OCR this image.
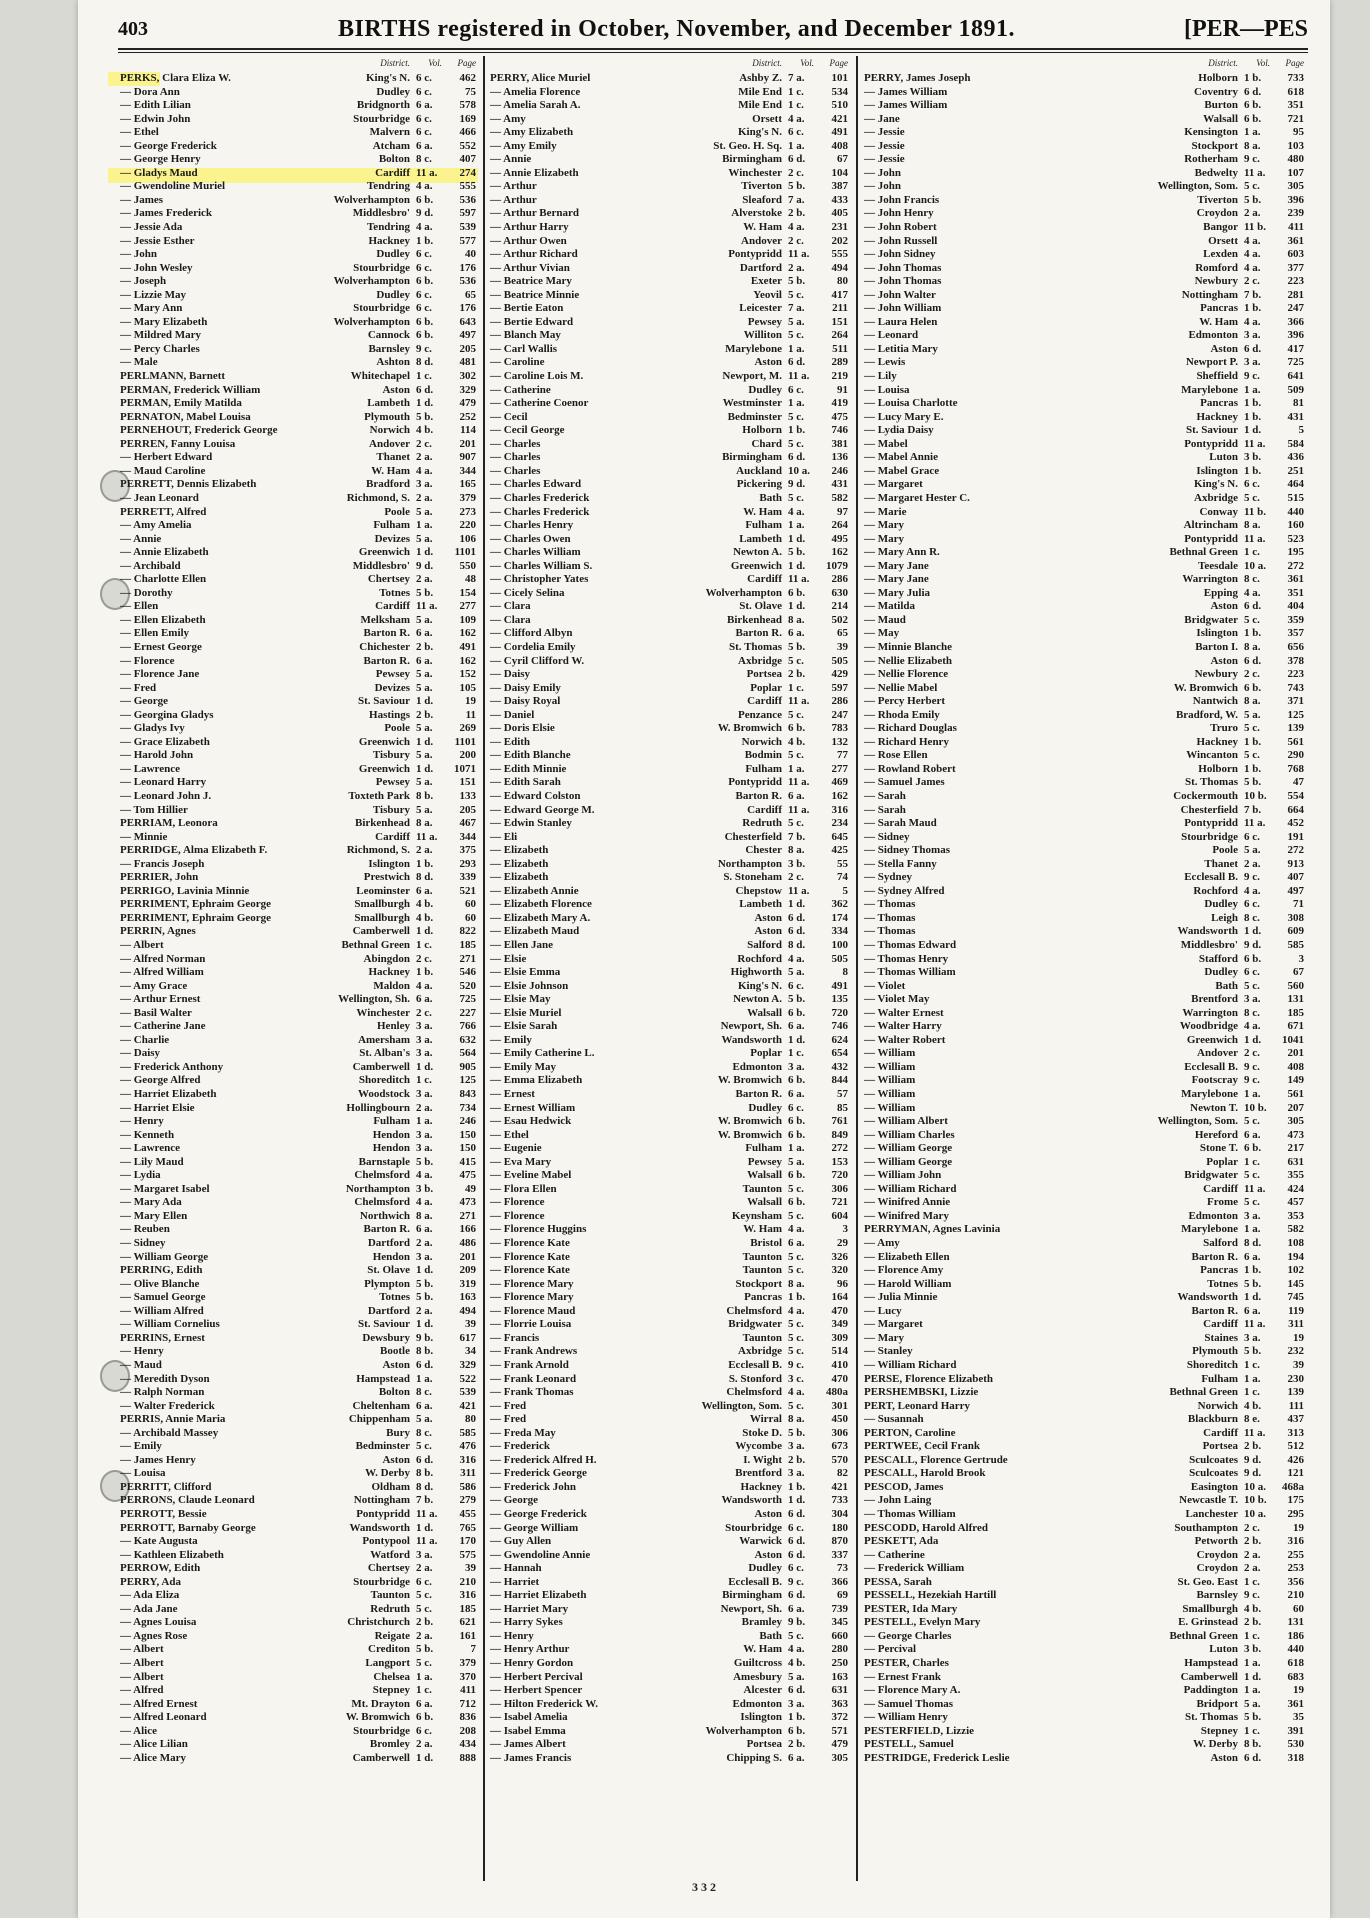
403	BIRTHS registered in October, November, and December 1891.	[PER—PES
District. Vol. Page
PERKS, Clara Eliza W.	King's N. 6 c.	462
— Dora Ann	Dudley 6 c.	75
— Edith Lilian	Bridgnorth 6 a. 578
— Edwin John	Stourbridge 6 c.	169
— Ethel	Malvern 6 c.	466
— George Frederick	Atcham 6 a. 552
— George Henry	Bolton 8 c.	407
— Gladys Maud	Cardiff 11 a. 274
— Gwendoline Muriel	Tendring 4 a. 555
— James	Wolverhampton 6 b. 536
— James Frederick	Middlesbro' 9 d. 597
— Jessie Ada	Tendring 4 a. 539
— Jessie Esther	Hackney 1 b. 577
— John	Dudley 6 c.	40
— John Wesley	Stourbridge 6 c.	176
— Joseph	Wolverhampton 6 b. 536
— Lizzie May	Dudley 6 c.	65
— Mary Ann	Stourbridge 6 c.	176
— Mary Elizabeth	Wolverhampton 6 b. 643
— Mildred Mary	Cannock 6 b. 497
— Percy Charles	Barnsley 9 c.	205
— Male	Ashton 8 d. 481
PERLMANN, Barnett	Whitechapel 1 c.	302
PERMAN, Frederick William	Aston 6 d. 329
PERMAN, Emily Matilda	Lambeth 1 d. 479
PERNATON, Mabel Louisa	Plymouth 5 b. 252
PERNEHOUT, Frederick George	Norwich 4 b. 114
PERREN, Fanny Louisa	Andover 2 c.	201
— Herbert Edward	Thanet 2 a. 907
— Maud Caroline	W. Ham 4 a. 344
PERRETT, Dennis Elizabeth	Bradford 3 a. 165
— Jean Leonard	Richmond, S. 2 a. 379
PERRETT, Alfred	Poole 5 a. 273
— Amy Amelia	Fulham 1 a. 220
— Annie	Devizes 5 a. 106
— Annie Elizabeth	Greenwich 1 d. 1101
— Archibald	Middlesbro' 9 d. 550
— Charlotte Ellen	Chertsey 2 a.	48
— Dorothy	Totnes 5 b. 154
— Ellen	Cardiff 11 a. 277
— Ellen Elizabeth	Melksham 5 a. 109
— Ellen Emily	Barton R. 6 a. 162
— Ernest George	Chichester 2 b. 491
— Florence	Barton R. 6 a. 162
— Florence Jane	Pewsey 5 a. 152
— Fred	Devizes 5 a. 105
— George	St. Saviour 1 d.	19
— Georgina Gladys	Hastings 2 b.	11
— Gladys Ivy	Poole 5 a. 269
— Grace Elizabeth	Greenwich 1 d. 1101
— Harold John	Tisbury 5 a. 200
— Lawrence	Greenwich 1 d. 1071
— Leonard Harry	Pewsey 5 a. 151
— Leonard John J.	Toxteth Park 8 b. 133
— Tom Hillier	Tisbury 5 a. 205
PERRIAM, Leonora	Birkenhead 8 a. 467
— Minnie	Cardiff 11 a. 344
PERRIDGE, Alma Elizabeth F.	Richmond, S. 2 a. 375
— Francis Joseph	Islington 1 b. 293
PERRIER, John	Prestwich 8 d. 339
PERRIGO, Lavinia Minnie	Leominster 6 a. 521
PERRIMENT, Ephraim George	Smallburgh 4 b.	60
PERRIMENT, Ephraim George	Smallburgh 4 b.	60
PERRIN, Agnes	Camberwell 1 d. 822
— Albert	Bethnal Green 1 c.	185
— Alfred Norman	Abingdon 2 c.	271
— Alfred William	Hackney 1 b. 546
— Amy Grace	Maldon 4 a. 520
— Arthur Ernest	Wellington, Sh. 6 a. 725
— Basil Walter	Winchester 2 c.	227
— Catherine Jane	Henley 3 a. 766
— Charlie	Amersham 3 a. 632
— Daisy	St. Alban's 3 a. 564
— Frederick Anthony	Camberwell 1 d. 905
— George Alfred	Shoreditch 1 c.	125
— Harriet Elizabeth	Woodstock 3 a. 843
— Harriet Elsie	Hollingbourn 2 a. 734
— Henry	Fulham 1 a. 246
— Kenneth	Hendon 3 a. 150
— Lawrence	Hendon 3 a. 150
— Lily Maud	Barnstaple 5 b. 415
— Lydia	Chelmsford 4 a. 475
— Margaret Isabel	Northampton 3 b.	49
— Mary Ada	Chelmsford 4 a. 473
— Mary Ellen	Northwich 8 a. 271
— Reuben	Barton R. 6 a. 166
— Sidney	Dartford 2 a. 486
— William George	Hendon 3 a. 201
PERRING, Edith	St. Olave 1 d. 209
— Olive Blanche	Plympton 5 b. 319
— Samuel George	Totnes 5 b. 163
— William Alfred	Dartford 2 a. 494
— William Cornelius	St. Saviour 1 d.	39
PERRINS, Ernest	Dewsbury 9 b. 617
— Henry	Bootle 8 b.	34
— Maud	Aston 6 d. 329
— Meredith Dyson	Hampstead 1 a. 522
— Ralph Norman	Bolton 8 c.	539
— Walter Frederick	Cheltenham 6 a. 421
PERRIS, Annie Maria	Chippenham 5 a.	80
— Archibald Massey	Bury 8 c.	585
— Emily	Bedminster 5 c.	476
— James Henry	Aston 6 d. 316
— Louisa	W. Derby 8 b. 311
PERRITT, Clifford	Oldham 8 d. 586
PERRONS, Claude Leonard	Nottingham 7 b. 279
PERROTT, Bessie	Pontypridd 11 a. 455
PERROTT, Barnaby George	Wandsworth 1 d. 765
— Kate Augusta	Pontypool 11 a. 170
— Kathleen Elizabeth	Watford 3 a. 575
PERROW, Edith	Chertsey 2 a.	39
PERRY, Ada	Stourbridge 6 c.	210
— Ada Eliza	Taunton 5 c.	316
— Ada Jane	Redruth 5 c.	185
— Agnes Louisa	Christchurch 2 b. 621
— Agnes Rose	Reigate 2 a. 161
— Albert	Crediton 5 b.	7
— Albert	Langport 5 c.	379
— Albert	Chelsea 1 a. 370
— Alfred	Stepney 1 c.	411
— Alfred Ernest	Mt. Drayton 6 a. 712
— Alfred Leonard	W. Bromwich 6 b. 836
— Alice	Stourbridge 6 c.	208
— Alice Lilian	Bromley 2 a. 434
— Alice Mary	Camberwell 1 d. 888
District. Vol. Page
PERRY, Alice Muriel	Ashby Z. 7 a. 101
— Amelia Florence	Mile End 1 c.	534
— Amelia Sarah A.	Mile End 1 c.	510
— Amy	Orsett 4 a. 421
— Amy Elizabeth	King's N. 6 c.	491
— Amy Emily	St. Geo. H. Sq. 1 a. 408
— Annie	Birmingham 6 d.	67
— Annie Elizabeth	Winchester 2 c.	104
— Arthur	Tiverton 5 b. 387
— Arthur	Sleaford 7 a. 433
— Arthur Bernard	Alverstoke 2 b. 405
— Arthur Harry	W. Ham 4 a. 231
— Arthur Owen	Andover 2 c.	202
— Arthur Richard	Pontypridd 11 a. 555
— Arthur Vivian	Dartford 2 a. 494
— Beatrice Mary	Exeter 5 b.	80
— Beatrice Minnie	Yeovil 5 c.	417
— Bertie Eaton	Leicester 7 a.	211
— Bertie Edward	Pewsey 5 a. 151
— Blanch May	Williton 5 c.	264
— Carl Wallis	Marylebone 1 a.	511
— Caroline	Aston 6 d. 289
— Caroline Lois M.	Newport, M. 11 a. 219
— Catherine	Dudley 6 c.	91
— Catherine Coenor	Westminster 1 a. 419
— Cecil	Bedminster 5 c.	475
— Cecil George	Holborn 1 b. 746
— Charles	Chard 5 c.	381
— Charles	Birmingham 6 d. 136
— Charles	Auckland 10 a. 246
— Charles Edward	Pickering 9 d. 431
— Charles Frederick	Bath 5 c.	582
— Charles Frederick	W. Ham 4 a.	97
— Charles Henry	Fulham 1 a. 264
— Charles Owen	Lambeth 1 d. 495
— Charles William	Newton A. 5 b. 162
— Charles William S.	Greenwich 1 d. 1079
— Christopher Yates	Cardiff 11 a. 286
— Cicely Selina	Wolverhampton 6 b. 630
— Clara	St. Olave 1 d. 214
— Clara	Birkenhead 8 a. 502
— Clifford Albyn	Barton R. 6 a.	65
— Cordelia Emily	St. Thomas 5 b.	39
— Cyril Clifford W.	Axbridge 5 c.	505
— Daisy	Portsea 2 b. 429
— Daisy Emily	Poplar 1 c.	597
— Daisy Royal	Cardiff 11 a. 286
— Daniel	Penzance 5 c.	247
— Doris Elsie	W. Bromwich 6 b. 783
— Edith	Norwich 4 b. 132
— Edith Blanche	Bodmin 5 c.	77
— Edith Minnie	Fulham 1 a. 277
— Edith Sarah	Pontypridd 11 a. 469
— Edward Colston	Barton R. 6 a. 162
— Edward George M.	Cardiff 11 a. 316
— Edwin Stanley	Redruth 5 c.	234
— Eli	Chesterfield 7 b. 645
— Elizabeth	Chester 8 a. 425
— Elizabeth	Northampton 3 b.	55
— Elizabeth	S. Stoneham 2 c.	74
— Elizabeth Annie	Chepstow 11 a.	5
— Elizabeth Florence	Lambeth 1 d. 362
— Elizabeth Mary A.	Aston 6 d. 174
— Elizabeth Maud	Aston 6 d. 334
— Ellen Jane	Salford 8 d. 100
— Elsie	Rochford 4 a. 505
— Elsie Emma	Highworth 5 a.	8
— Elsie Johnson	King's N. 6 c.	491
— Elsie May	Newton A. 5 b. 135
— Elsie Muriel	Walsall 6 b. 720
— Elsie Sarah	Newport, Sh. 6 a. 746
— Emily	Wandsworth 1 d. 624
— Emily Catherine L.	Poplar 1 c.	654
— Emily May	Edmonton 3 a. 432
— Emma Elizabeth	W. Bromwich 6 b. 844
— Ernest	Barton R. 6 a.	57
— Ernest William	Dudley 6 c.	85
— Esau Hedwick	W. Bromwich 6 b. 761
— Ethel	W. Bromwich 6 b. 849
— Eugenie	Fulham 1 a. 272
— Eva Mary	Pewsey 5 a. 153
— Eveline Mabel	Walsall 6 b. 720
— Flora Ellen	Taunton 5 c.	306
— Florence	Walsall 6 b. 721
— Florence	Keynsham 5 c.	604
— Florence Huggins	W. Ham 4 a.	3
— Florence Kate	Bristol 6 a.	29
— Florence Kate	Taunton 5 c.	326
— Florence Kate	Taunton 5 c.	320
— Florence Mary	Stockport 8 a.	96
— Florence Mary	Pancras 1 b. 164
— Florence Maud	Chelmsford 4 a. 470
— Florrie Louisa	Bridgwater 5 c.	349
— Francis	Taunton 5 c.	309
— Frank Andrews	Axbridge 5 c.	514
— Frank Arnold	Ecclesall B. 9 c.	410
— Frank Leonard	S. Stonford 3 c.	470
— Frank Thomas	Chelmsford 4 a. 480a
— Fred	Wellington, Som. 5 c.	301
— Fred	Wirral 8 a. 450
— Freda May	Stoke D. 5 b. 306
— Frederick	Wycombe 3 a. 673
— Frederick Alfred H.	I. Wight 2 b. 570
— Frederick George	Brentford 3 a.	82
— Frederick John	Hackney 1 b. 421
— George	Wandsworth 1 d. 733
— George Frederick	Aston 6 d. 304
— George William	Stourbridge 6 c.	180
— Guy Allen	Warwick 6 d. 870
— Gwendoline Annie	Aston 6 d. 337
— Hannah	Dudley 6 c.	73
— Harriet	Ecclesall B. 9 c.	366
— Harriet Elizabeth	Birmingham 6 d.	69
— Harriet Mary	Newport, Sh. 6 a. 739
— Harry Sykes	Bramley 9 b. 345
— Henry	Bath 5 c.	660
— Henry Arthur	W. Ham 4 a. 280
— Henry Gordon	Guiltcross 4 b. 250
— Herbert Percival	Amesbury 5 a. 163
— Herbert Spencer	Alcester 6 d. 631
— Hilton Frederick W.	Edmonton 3 a. 363
— Isabel Amelia	Islington 1 b. 372
— Isabel Emma	Wolverhampton 6 b. 571
— James Albert	Portsea 2 b. 479
— James Francis	Chipping S. 6 a. 305
District. Vol. Page
PERRY, James Joseph	Holborn 1 b. 733
— James William	Coventry 6 d. 618
— James William	Burton 6 b. 351
— Jane	Walsall 6 b. 721
— Jessie	Kensington 1 a.	95
— Jessie	Stockport 8 a. 103
— Jessie	Rotherham 9 c.	480
— John	Bedwelty 11 a. 107
— John	Wellington, Som. 5 c.	305
— John Francis	Tiverton 5 b. 396
— John Henry	Croydon 2 a. 239
— John Robert	Bangor 11 b. 411
— John Russell	Orsett 4 a. 361
— John Sidney	Lexden 4 a. 603
— John Thomas	Romford 4 a. 377
— John Thomas	Newbury 2 c.	223
— John Walter	Nottingham 7 b. 281
— John William	Pancras 1 b. 247
— Laura Helen	W. Ham 4 a. 366
— Leonard	Edmonton 3 a. 396
— Letitia Mary	Aston 6 d. 417
— Lewis	Newport P. 3 a. 725
— Lily	Sheffield 9 c.	641
— Louisa	Marylebone 1 a. 509
— Louisa Charlotte	Pancras 1 b.	81
— Lucy Mary E.	Hackney 1 b. 431
— Lydia Daisy	St. Saviour 1 d.	5
— Mabel	Pontypridd 11 a. 584
— Mabel Annie	Luton 3 b. 436
— Mabel Grace	Islington 1 b. 251
— Margaret	King's N. 6 c.	464
— Margaret Hester C.	Axbridge 5 c.	515
— Marie	Conway 11 b. 440
— Mary	Altrincham 8 a. 160
— Mary	Pontypridd 11 a. 523
— Mary Ann R.	Bethnal Green 1 c.	195
— Mary Jane	Teesdale 10 a. 272
— Mary Jane	Warrington 8 c.	361
— Mary Julia	Epping 4 a. 351
— Matilda	Aston 6 d. 404
— Maud	Bridgwater 5 c.	359
— May	Islington 1 b. 357
— Minnie Blanche	Barton I. 8 a. 656
— Nellie Elizabeth	Aston 6 d. 378
— Nellie Florence	Newbury 2 c.	223
— Nellie Mabel	W. Bromwich 6 b. 743
— Percy Herbert	Nantwich 8 a. 371
— Rhoda Emily	Bradford, W. 5 a. 125
— Richard Douglas	Truro 5 c.	139
— Richard Henry	Hackney 1 b. 561
— Rose Ellen	Wincanton 5 c.	290
— Rowland Robert	Holborn 1 b. 768
— Samuel James	St. Thomas 5 b.	47
— Sarah	Cockermouth 10 b. 554
— Sarah	Chesterfield 7 b. 664
— Sarah Maud	Pontypridd 11 a. 452
— Sidney	Stourbridge 6 c.	191
— Sidney Thomas	Poole 5 a. 272
— Stella Fanny	Thanet 2 a. 913
— Sydney	Ecclesall B. 9 c.	407
— Sydney Alfred	Rochford 4 a. 497
— Thomas	Dudley 6 c.	71
— Thomas	Leigh 8 c.	308
— Thomas	Wandsworth 1 d. 609
— Thomas Edward	Middlesbro' 9 d. 585
— Thomas Henry	Stafford 6 b.	3
— Thomas William	Dudley 6 c.	67
— Violet	Bath 5 c.	560
— Violet May	Brentford 3 a. 131
— Walter Ernest	Warrington 8 c.	185
— Walter Harry	Woodbridge 4 a. 671
— Walter Robert	Greenwich 1 d. 1041
— William	Andover 2 c.	201
— William	Ecclesall B. 9 c.	408
— William	Footscray 9 c.	149
— William	Marylebone 1 a. 561
— William	Newton T. 10 b. 207
— William Albert	Wellington, Som. 5 c.	305
— William Charles	Hereford 6 a. 473
— William George	Stone T. 6 b. 217
— William George	Poplar 1 c.	631
— William John	Bridgwater 5 c.	355
— William Richard	Cardiff 11 a. 424
— Winifred Annie	Frome 5 c.	457
— Winifred Mary	Edmonton 3 a. 353
PERRYMAN, Agnes Lavinia	Marylebone 1 a. 582
— Amy	Salford 8 d. 108
— Elizabeth Ellen	Barton R. 6 a. 194
— Florence Amy	Pancras 1 b. 102
— Harold William	Totnes 5 b. 145
— Julia Minnie	Wandsworth 1 d. 745
— Lucy	Barton R. 6 a.	119
— Margaret	Cardiff 11 a. 311
— Mary	Staines 3 a.	19
— Stanley	Plymouth 5 b. 232
— William Richard	Shoreditch 1 c.	39
PERSE, Florence Elizabeth	Fulham 1 a. 230
PERSHEMBSKI, Lizzie	Bethnal Green 1 c.	139
PERT, Leonard Harry	Norwich 4 b.	111
— Susannah	Blackburn 8 e.	437
PERTON, Caroline	Cardiff 11 a. 313
PERTWEE, Cecil Frank	Portsea 2 b. 512
PESCALL, Florence Gertrude	Sculcoates 9 d. 426
PESCALL, Harold Brook	Sculcoates 9 d. 121
PESCOD, James	Easington 10 a. 468a
— John Laing	Newcastle T. 10 b. 175
— Thomas William	Lanchester 10 a. 295
PESCODD, Harold Alfred	Southampton 2 c.	19
PESKETT, Ada	Petworth 2 b. 316
— Catherine	Croydon 2 a. 255
— Frederick William	Croydon 2 a. 253
PESSA, Sarah	St. Geo. East 1 c.	356
PESSELL, Hezekiah Hartill	Barnsley 9 c.	210
PESTER, Ida Mary	Smallburgh 4 b.	60
PESTELL, Evelyn Mary	E. Grinstead 2 b. 131
— George Charles	Bethnal Green 1 c.	186
— Percival	Luton 3 b. 440
PESTER, Charles	Hampstead 1 a. 618
— Ernest Frank	Camberwell 1 d. 683
— Florence Mary A.	Paddington 1 a.	19
— Samuel Thomas	Bridport 5 a. 361
— William Henry	St. Thomas 5 b.	35
PESTERFIELD, Lizzie	Stepney 1 c.	391
PESTELL, Samuel	W. Derby 8 b. 530
PESTRIDGE, Frederick Leslie	Aston 6 d. 318
3 3 2
